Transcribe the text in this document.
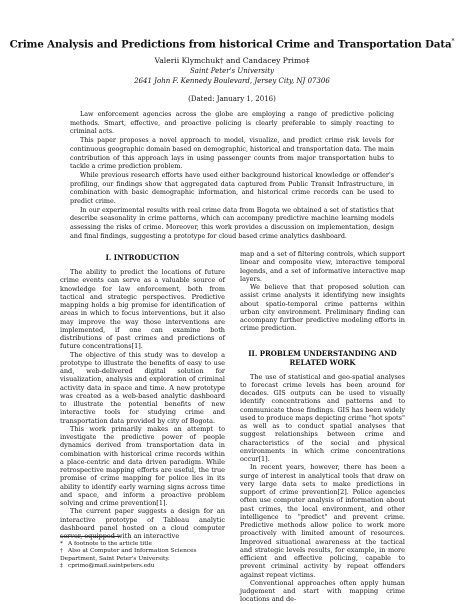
Crime Analysis and Predictions from historical Crime and Transportation Data*
Valerii Klymchuk† and Candacey Primo‡
Saint Peter's University
2641 John F. Kennedy Boulevard, Jersey City, NJ 07306
(Dated: January 1, 2016)

Law enforcement agencies across the globe are employing a range of predictive policing methods. Smart, effective, and proactive policing is clearly preferable to simply reacting to criminal acts.

This paper proposes a novel approach to model, visualize, and predict crime risk levels for continuous geographic domain based on demographic, historical and transportation data. The main contribution of this approach lays in using passenger counts from major transportation hubs to tackle a crime prediction problem.

While previous research efforts have used either background historical knowledge or offender's profiling, our findings show that aggregated data captured from Public Transit Infrastructure, in combination with basic demographic information, and historical crime records can be used to predict crime.

In our experimental results with real crime data from Bogota we obtained a set of statistics that describe seasonality in crime patterns, which can accompany predictive machine learning models assessing the risks of crime. Moreover, this work provides a discussion on implementation, design and final findings, suggesting a prototype for cloud based crime analytics dashboard.

I. INTRODUCTION

The ability to predict the locations of future crime events can serve as a valuable source of knowledge for law enforcement, both from tactical and strategic perspectives. Predictive mapping holds a big promise for identification of areas in which to focus interventions, but it also may improve the way those interventions are implemented, if one can examine both distributions of past crimes and predictions of future concentrations[1].

The objective of this study was to develop a prototype to illustrate the benefits of easy to use and, web-delivered digital solution for visualization, analysis and exploration of criminal activity data in space and time. A new prototype was created as a web-based analytic dashboard to illustrate the potential benefits of new interactive tools for studying crime and transportation data provided by city of Bogota.

This work primarily makes an attempt to investigate the predictive power of people dynamics derived from transportation data in combination with historical crime records within a place-centric and data driven paradigm. While retrospective mapping efforts are useful, the true promise of crime mapping for police lies in its ability to identify early warning signs across time and space, and inform a proactive problem solving and crime prevention[1].

The current paper suggests a design for an interactive prototype of Tableau analytic dashboard panel hosted on a cloud computer server, equipped with an interactive

map and a set of filtering controls, which support linear and composite view, interactive temporal legends, and a set of informative interactive map layers.

We believe that that proposed solution can assist crime analysts it identifying new insights about spatio-temporal crime patterns within urban city environment. Preliminary finding can accompany further predictive modeling efforts in crime prediction.

II. PROBLEM UNDERSTANDING AND RELATED WORK

The use of statistical and geo-spatial analyses to forecast crime levels has been around for decades. GIS outputs can be used to visually identify concentrations and patterns and to communicate those findings. GIS has been widely used to produce maps depicting crime "hot spots" as well as to conduct spatial analyses that suggest relationships between crime and characteristics of the social and physical environments in which crime concentrations occur[1].

In recent years, however, there has been a surge of interest in analytical tools that draw on very large data sets to make predictions in support of crime prevention[2]. Police agencies often use computer analysis of information about past crimes, the local environment, and other intelligence to "predict" and prevent crime. Predictive methods allow police to work more proactively with limited amount of resources. Improved situational awareness at the tactical and strategic levels results, for example, in more efficient and effective policing, capable to prevent criminal activity by repeat offenders against repeat victims.

Conventional approaches often apply human judgement and start with mapping crime locations and de-

* A footnote to the article title
† Also at Computer and Information Sciences Department, Saint Peter's University.
‡ cprimo@mail.saintpeters.edu
